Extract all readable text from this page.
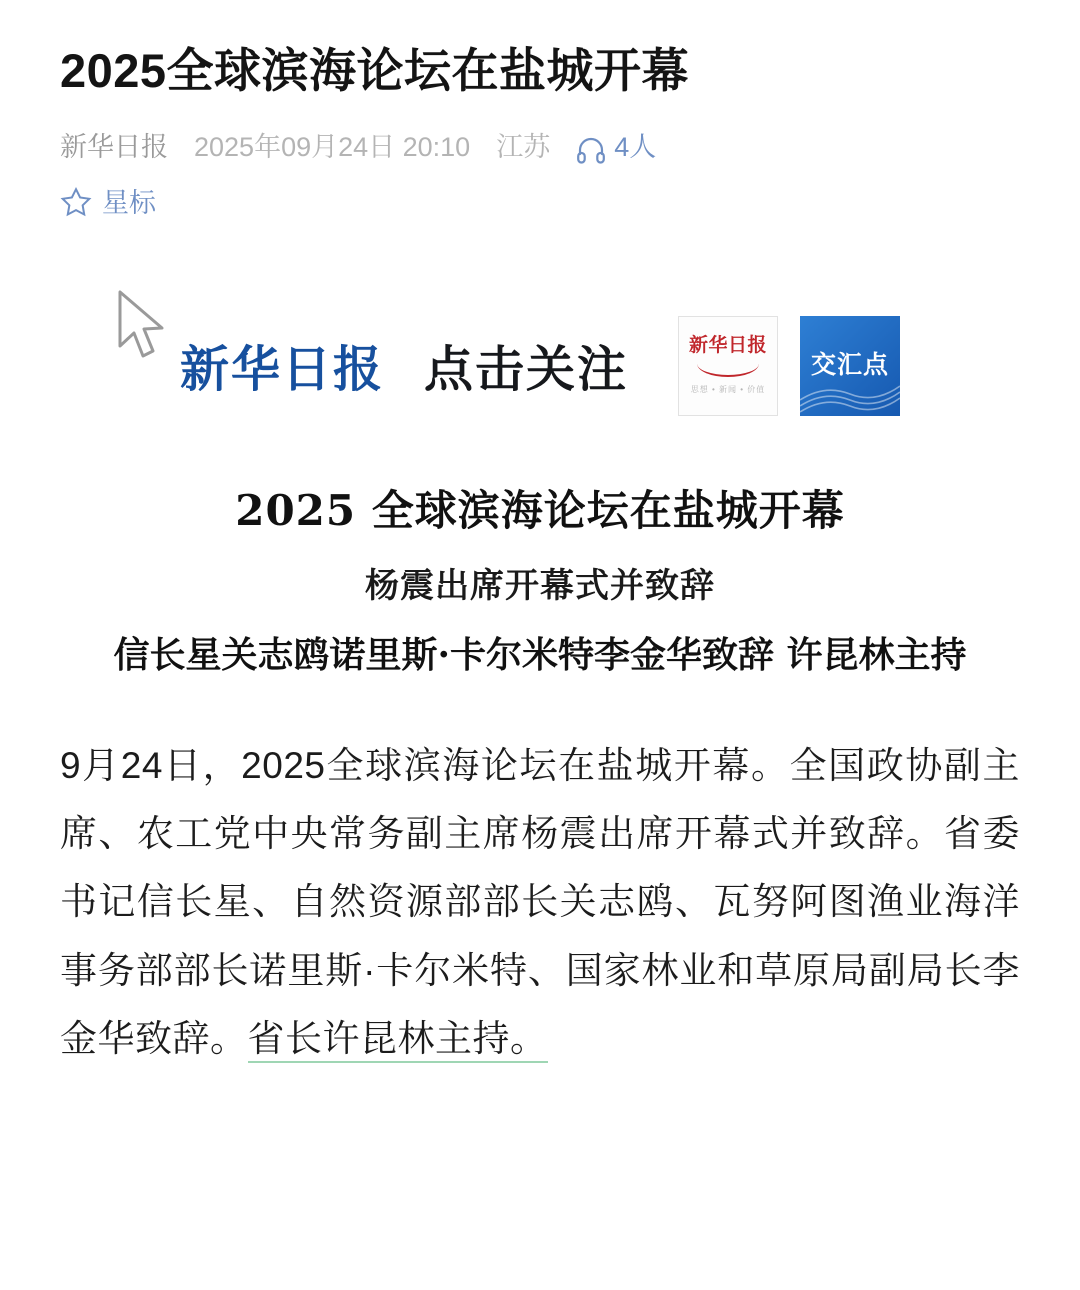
2025全球滨海论坛在盐城开幕
新华日报 2025年09月24日 20:10 江苏 4人
星标
新华日报 点击关注	新华日报
思想 • 新闻 • 价值
交汇点
2025 全球滨海论坛在盐城开幕
杨震出席开幕式并致辞
信长星关志鸥诺里斯·卡尔米特李金华致辞 许昆林主持
9月24日，2025全球滨海论坛在盐城开幕。全国政协副主席、农工党中央常务副主席杨震出席开幕式并致辞。省委书记信长星、自然资源部部长关志鸥、瓦努阿图渔业海洋事务部部长诺里斯·卡尔米特、国家林业和草原局副局长李金华致辞。省长许昆林主持。
